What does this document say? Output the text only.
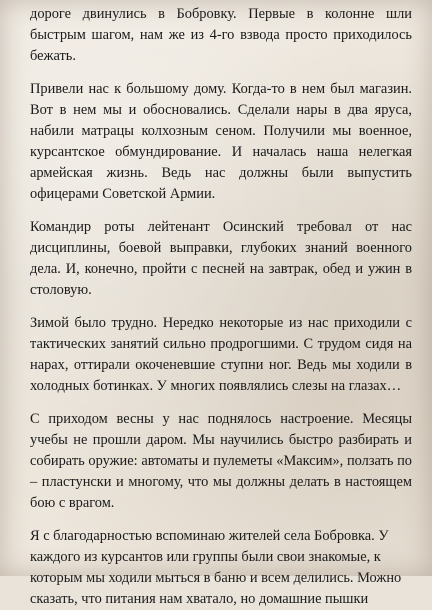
дороге двинулись в Бобровку. Первые в колонне шли быстрым шагом, нам же из 4-го взвода просто приходилось бежать.

Привели нас к большому дому. Когда-то в нем был магазин. Вот в нем мы и обосновались. Сделали нары в два яруса, набили матрацы колхозным сеном. Получили мы военное, курсантское обмундирование. И началась наша нелегкая армейская жизнь. Ведь нас должны были выпустить офицерами Советской Армии.

Командир роты лейтенант Осинский требовал от нас дисциплины, боевой выправки, глубоких знаний военного дела. И, конечно, пройти с песней на завтрак, обед и ужин в столовую.

Зимой было трудно. Нередко некоторые из нас приходили с тактических занятий сильно продрогшими. С трудом сидя на нарах, оттирали окоченевшие ступни ног. Ведь мы ходили в холодных ботинках. У многих появлялись слезы на глазах…

С приходом весны у нас поднялось настроение. Месяцы учебы не прошли даром. Мы научились быстро разбирать и собирать оружие: автоматы и пулеметы «Максим», ползать по – пластунски и многому, что мы должны делать в настоящем бою с врагом.

Я с благодарностью вспоминаю жителей села Бобровка. У каждого из курсантов или группы были свои знакомые, к которым мы ходили мыться в баню и всем делились. Можно сказать, что питания нам хватало, но домашние пышки
